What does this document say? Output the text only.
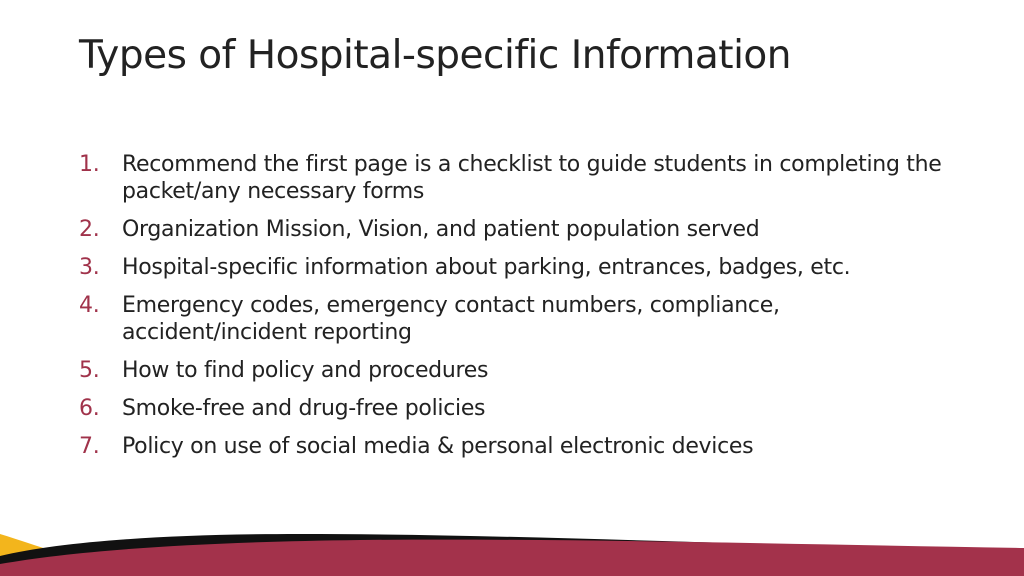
Types of Hospital-specific Information
1. Recommend the first page is a checklist to guide students in completing the packet/any necessary forms
2. Organization Mission, Vision, and patient population served
3. Hospital-specific information about parking, entrances, badges, etc.
4. Emergency codes, emergency contact numbers, compliance, accident/incident reporting
5. How to find policy and procedures
6. Smoke-free and drug-free policies
7. Policy on use of social media & personal electronic devices
